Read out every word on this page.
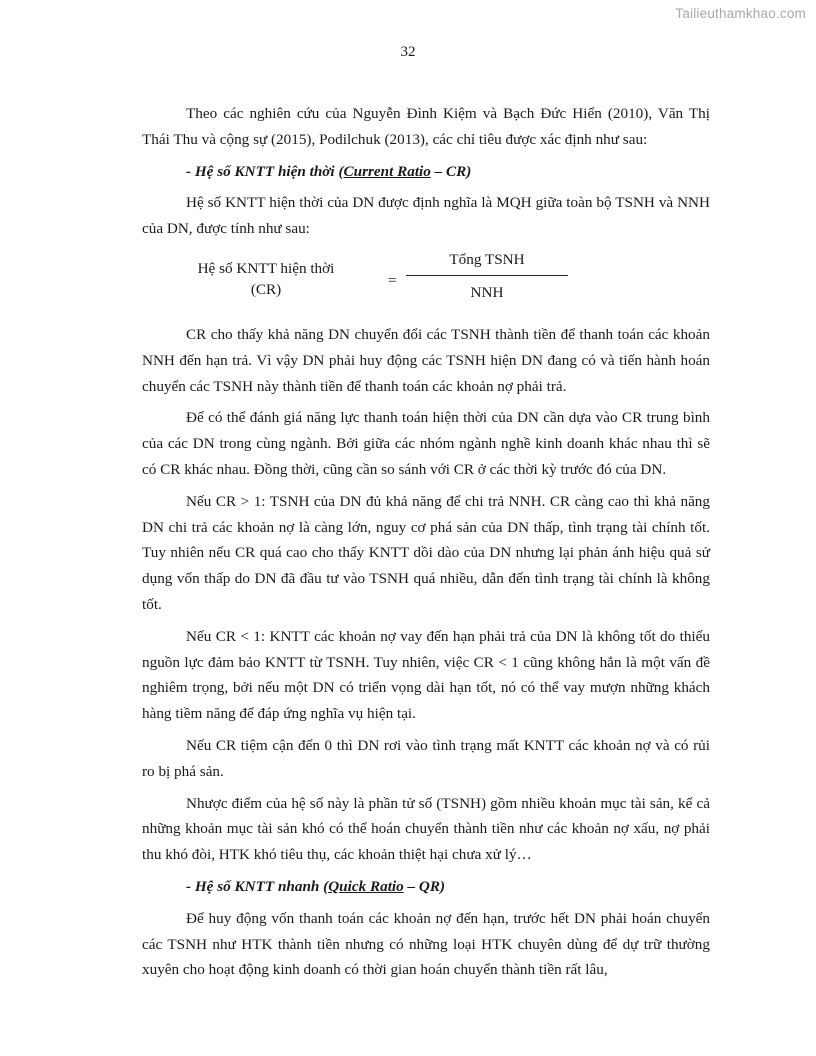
Tailieuthamkhao.com
32

Theo các nghiên cứu của Nguyễn Đình Kiệm và Bạch Đức Hiển (2010), Văn Thị Thái Thu và cộng sự (2015), Podilchuk (2013), các chỉ tiêu được xác định như sau:

- Hệ số KNTT hiện thời (Current Ratio – CR)

Hệ số KNTT hiện thời của DN được định nghĩa là MQH giữa toàn bộ TSNH và NNH của DN, được tính như sau:

Hệ số KNTT hiện thời
(CR)
=
Tổng TSNH
NNH

CR cho thấy khả năng DN chuyển đổi các TSNH thành tiền để thanh toán các khoản NNH đến hạn trả. Vì vậy DN phải huy động các TSNH hiện DN đang có và tiến hành hoán chuyển các TSNH này thành tiền để thanh toán các khoản nợ phải trả.

Để có thể đánh giá năng lực thanh toán hiện thời của DN cần dựa vào CR trung bình của các DN trong cùng ngành. Bởi giữa các nhóm ngành nghề kinh doanh khác nhau thì sẽ có CR khác nhau. Đồng thời, cũng cần so sánh với CR ở các thời kỳ trước đó của DN.

Nếu CR > 1: TSNH của DN đủ khả năng để chi trả NNH. CR càng cao thì khả năng DN chi trả các khoản nợ là càng lớn, nguy cơ phá sản của DN thấp, tình trạng tài chính tốt. Tuy nhiên nếu CR quá cao cho thấy KNTT dồi dào của DN nhưng lại phản ánh hiệu quả sử dụng vốn thấp do DN đã đầu tư vào TSNH quá nhiều, dẫn đến tình trạng tài chính là không tốt.

Nếu CR < 1: KNTT các khoản nợ vay đến hạn phải trả của DN là không tốt do thiếu nguồn lực đảm bảo KNTT từ TSNH. Tuy nhiên, việc CR < 1 cũng không hẳn là một vấn đề nghiêm trọng, bởi nếu một DN có triển vọng dài hạn tốt, nó có thể vay mượn những khách hàng tiềm năng để đáp ứng nghĩa vụ hiện tại.

Nếu CR tiệm cận đến 0 thì DN rơi vào tình trạng mất KNTT các khoản nợ và có rủi ro bị phá sản.

Nhược điểm của hệ số này là phần tử số (TSNH) gồm nhiều khoản mục tài sản, kể cả những khoản mục tài sản khó có thể hoán chuyển thành tiền như các khoản nợ xấu, nợ phải thu khó đòi, HTK khó tiêu thụ, các khoản thiệt hại chưa xử lý…

- Hệ số KNTT nhanh (Quick Ratio – QR)

Để huy động vốn thanh toán các khoản nợ đến hạn, trước hết DN phải hoán chuyển các TSNH như HTK thành tiền nhưng có những loại HTK chuyên dùng để dự trữ thường xuyên cho hoạt động kinh doanh có thời gian hoán chuyển thành tiền rất lâu,
